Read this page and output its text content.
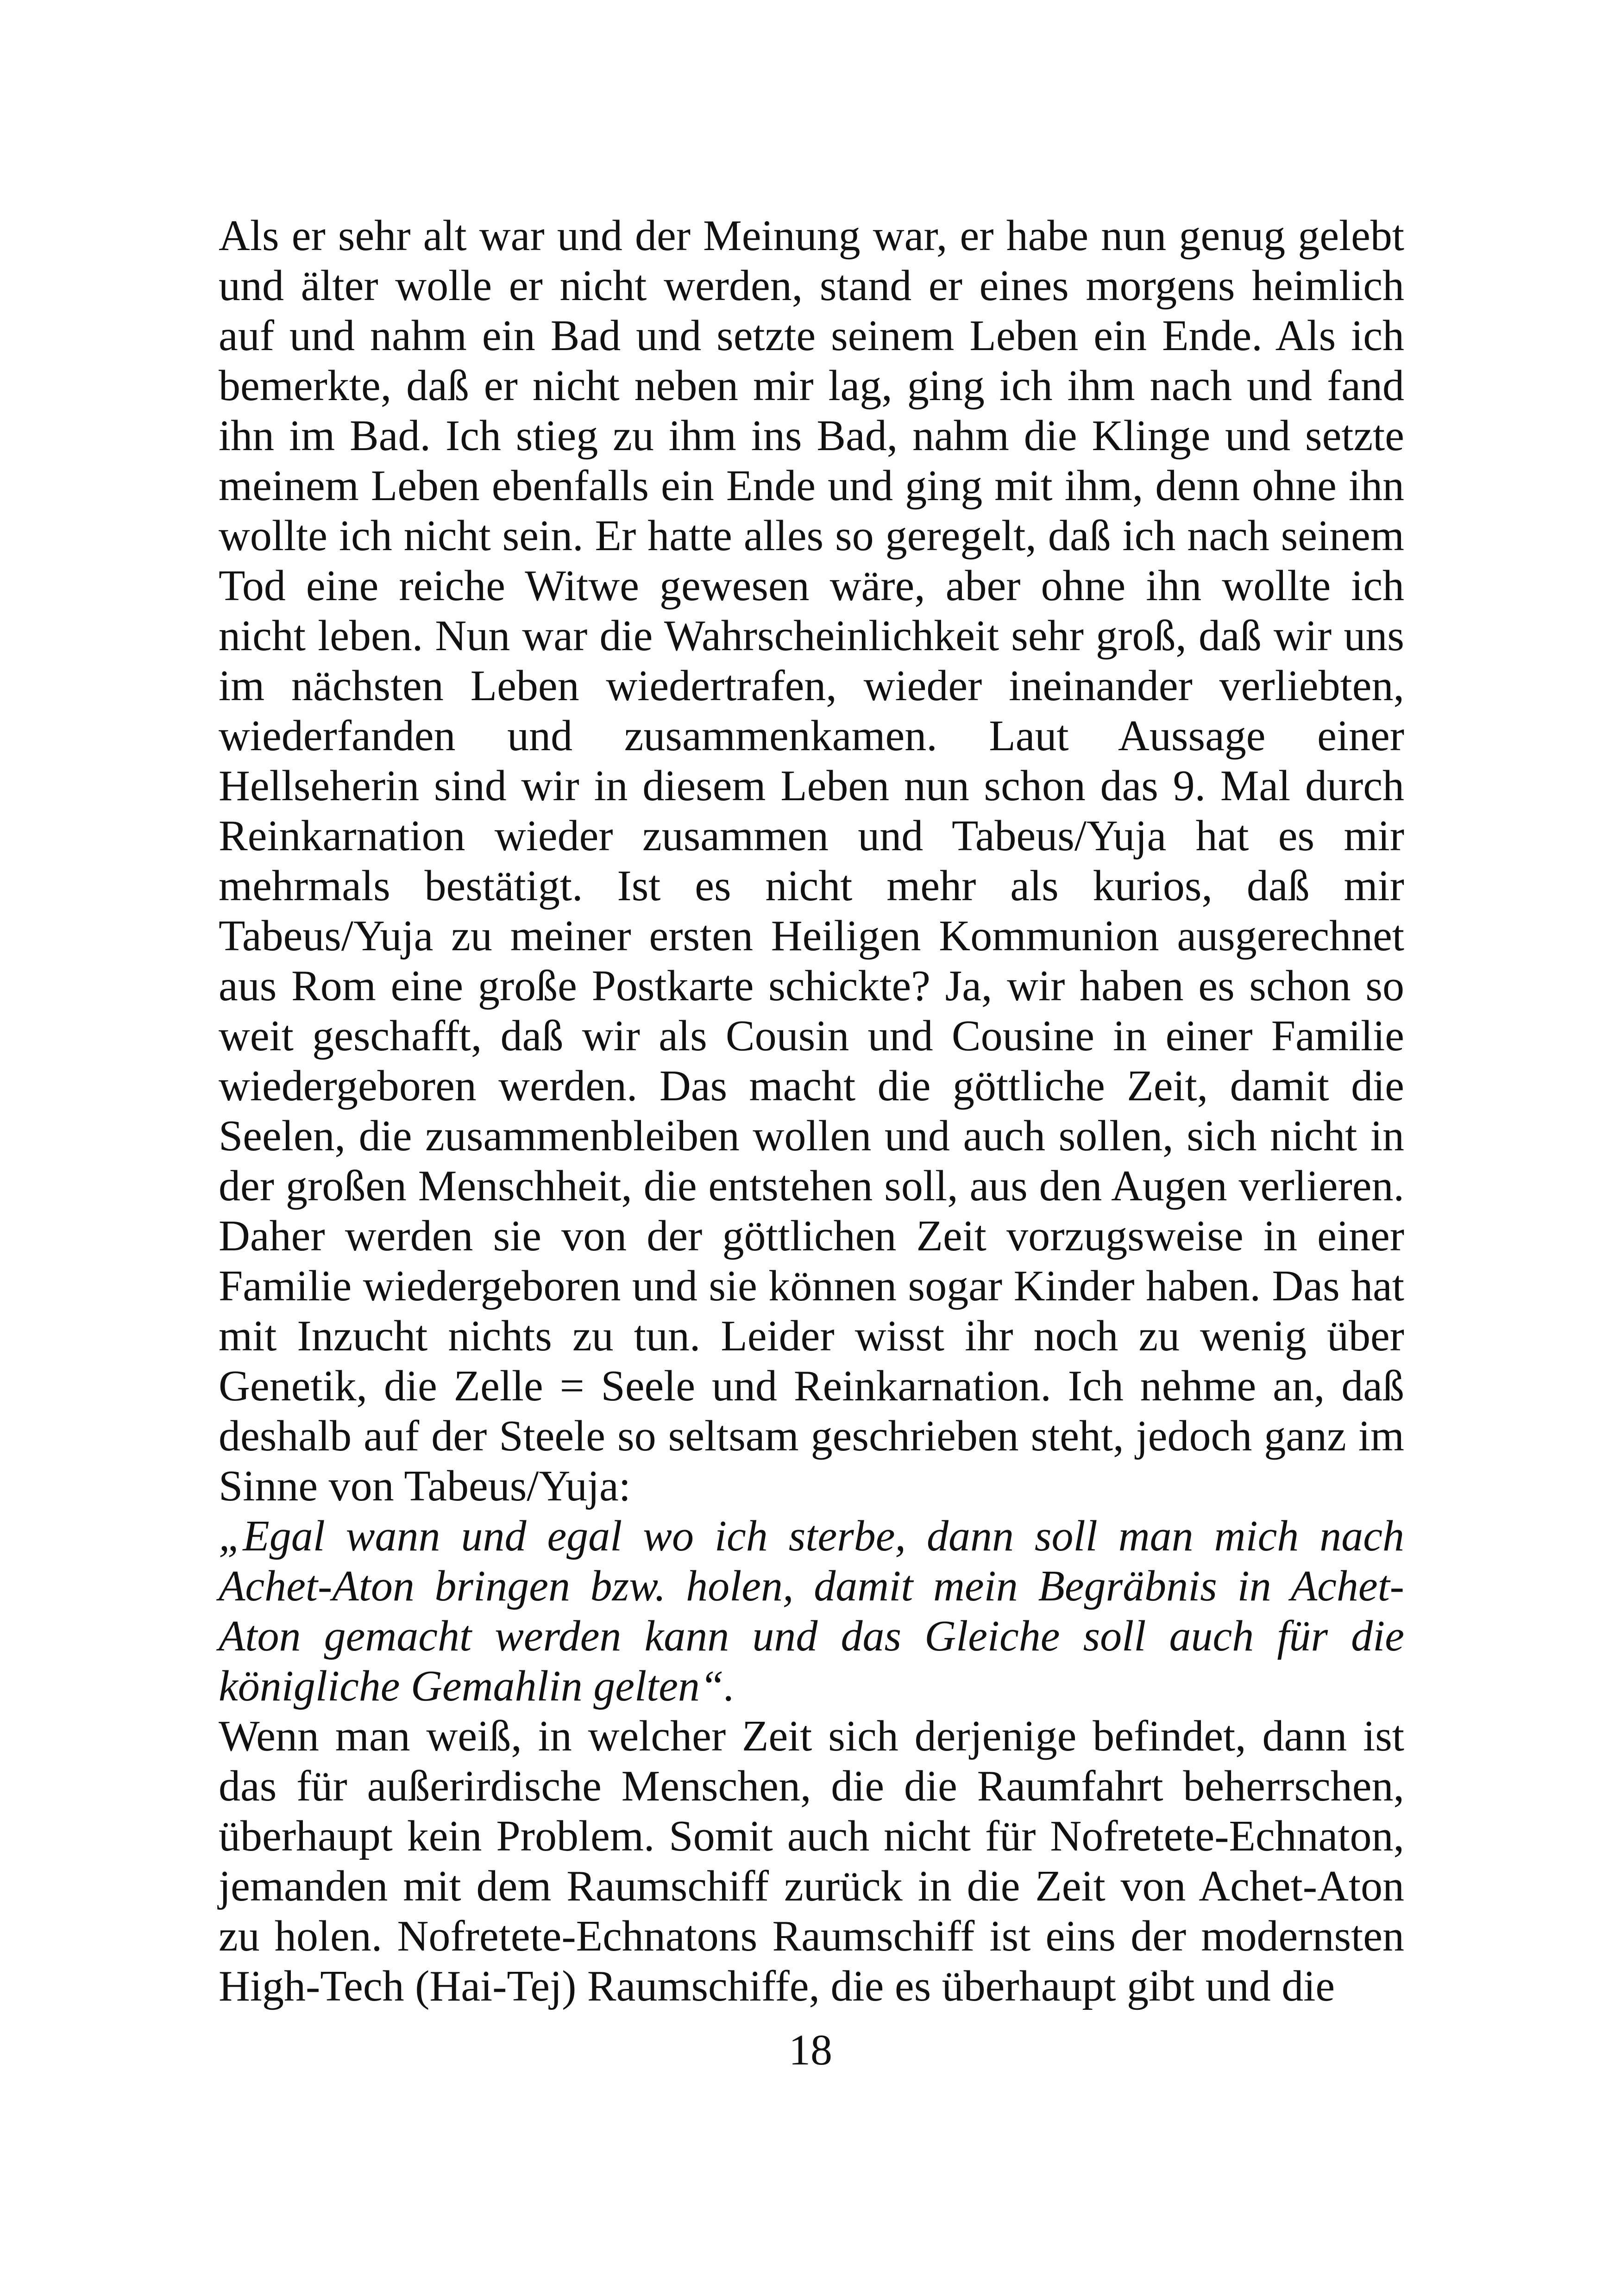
Als er sehr alt war und der Meinung war, er habe nun genug gelebt und älter wolle er nicht werden, stand er eines morgens heimlich auf und nahm ein Bad und setzte seinem Leben ein Ende. Als ich bemerkte, daß er nicht neben mir lag, ging ich ihm nach und fand ihn im Bad. Ich stieg zu ihm ins Bad, nahm die Klinge und setzte meinem Leben ebenfalls ein Ende und ging mit ihm, denn ohne ihn wollte ich nicht sein. Er hatte alles so geregelt, daß ich nach seinem Tod eine reiche Witwe gewesen wäre, aber ohne ihn wollte ich nicht leben. Nun war die Wahrscheinlichkeit sehr groß, daß wir uns im nächsten Leben wiedertrafen, wieder ineinander verliebten, wiederfanden und zusammenkamen. Laut Aussage einer Hellseherin sind wir in diesem Leben nun schon das 9. Mal durch Reinkarnation wieder zusammen und Tabeus/Yuja hat es mir mehrmals bestätigt. Ist es nicht mehr als kurios, daß mir Tabeus/Yuja zu meiner ersten Heiligen Kommunion ausgerechnet aus Rom eine große Postkarte schickte? Ja, wir haben es schon so weit geschafft, daß wir als Cousin und Cousine in einer Familie wiedergeboren werden. Das macht die göttliche Zeit, damit die Seelen, die zusammenbleiben wollen und auch sollen, sich nicht in der großen Menschheit, die entstehen soll, aus den Augen verlieren. Daher werden sie von der göttlichen Zeit vorzugsweise in einer Familie wiedergeboren und sie können sogar Kinder haben. Das hat mit Inzucht nichts zu tun. Leider wisst ihr noch zu wenig über Genetik, die Zelle = Seele und Reinkarnation. Ich nehme an, daß deshalb auf der Steele so seltsam geschrieben steht, jedoch ganz im Sinne von Tabeus/Yuja:

„Egal wann und egal wo ich sterbe, dann soll man mich nach Achet-Aton bringen bzw. holen, damit mein Begräbnis in Achet-Aton gemacht werden kann und das Gleiche soll auch für die königliche Gemahlin gelten“.

Wenn man weiß, in welcher Zeit sich derjenige befindet, dann ist das für außerirdische Menschen, die die Raumfahrt beherrschen, überhaupt kein Problem. Somit auch nicht für Nofretete-Echnaton, jemanden mit dem Raumschiff zurück in die Zeit von Achet-Aton zu holen. Nofretete-Echnatons Raumschiff ist eins der modernsten High-Tech (Hai-Tej) Raumschiffe, die es überhaupt gibt und die

18
